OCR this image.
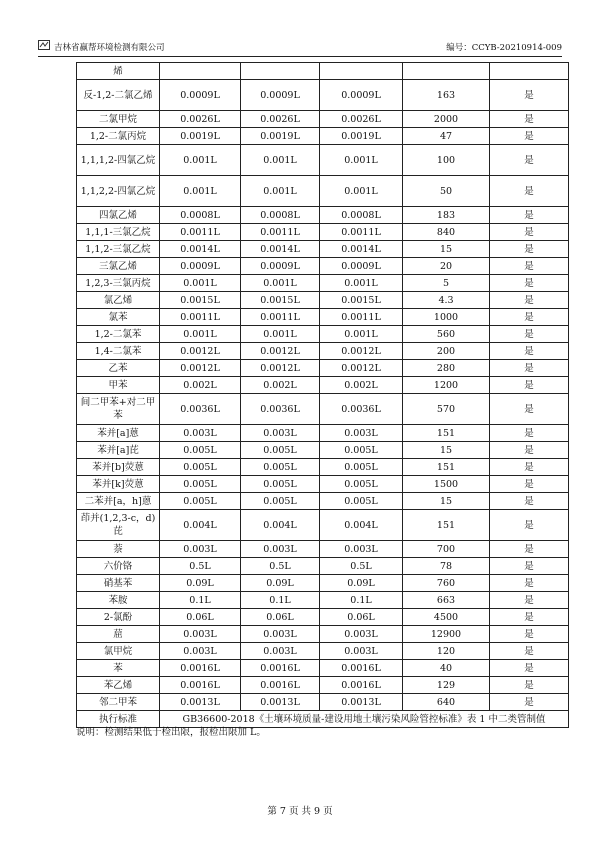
吉林省赢帮环境检测有限公司	编号：CCYB-20210914-009
烯					
反-1,2-二氯乙烯	0.0009L	0.0009L	0.0009L	163	是
二氯甲烷	0.0026L	0.0026L	0.0026L	2000	是
1,2-二氯丙烷	0.0019L	0.0019L	0.0019L	47	是
1,1,1,2-四氯乙烷	0.001L	0.001L	0.001L	100	是
1,1,2,2-四氯乙烷	0.001L	0.001L	0.001L	50	是
四氯乙烯	0.0008L	0.0008L	0.0008L	183	是
1,1,1-三氯乙烷	0.0011L	0.0011L	0.0011L	840	是
1,1,2-三氯乙烷	0.0014L	0.0014L	0.0014L	15	是
三氯乙烯	0.0009L	0.0009L	0.0009L	20	是
1,2,3-三氯丙烷	0.001L	0.001L	0.001L	5	是
氯乙烯	0.0015L	0.0015L	0.0015L	4.3	是
氯苯	0.0011L	0.0011L	0.0011L	1000	是
1,2-二氯苯	0.001L	0.001L	0.001L	560	是
1,4-二氯苯	0.0012L	0.0012L	0.0012L	200	是
乙苯	0.0012L	0.0012L	0.0012L	280	是
甲苯	0.002L	0.002L	0.002L	1200	是
间二甲苯+对二甲苯	0.0036L	0.0036L	0.0036L	570	是
苯并[a]蒽	0.003L	0.003L	0.003L	151	是
苯并[a]芘	0.005L	0.005L	0.005L	15	是
苯并[b]荧蒽	0.005L	0.005L	0.005L	151	是
苯并[k]荧蒽	0.005L	0.005L	0.005L	1500	是
二苯并[a，h]蒽	0.005L	0.005L	0.005L	15	是
茚并(1,2,3-c，d)芘	0.004L	0.004L	0.004L	151	是
萘	0.003L	0.003L	0.003L	700	是
六价铬	0.5L	0.5L	0.5L	78	是
硝基苯	0.09L	0.09L	0.09L	760	是
苯胺	0.1L	0.1L	0.1L	663	是
2-氯酚	0.06L	0.06L	0.06L	4500	是
䓛	0.003L	0.003L	0.003L	12900	是
氯甲烷	0.003L	0.003L	0.003L	120	是
苯	0.0016L	0.0016L	0.0016L	40	是
苯乙烯	0.0016L	0.0016L	0.0016L	129	是
邻二甲苯	0.0013L	0.0013L	0.0013L	640	是
执行标准	GB36600-2018《土壤环境质量-建设用地土壤污染风险管控标准》表 1 中二类管制值				
说明：检测结果低于检出限，报检出限加 L。
第 7 页 共 9 页
